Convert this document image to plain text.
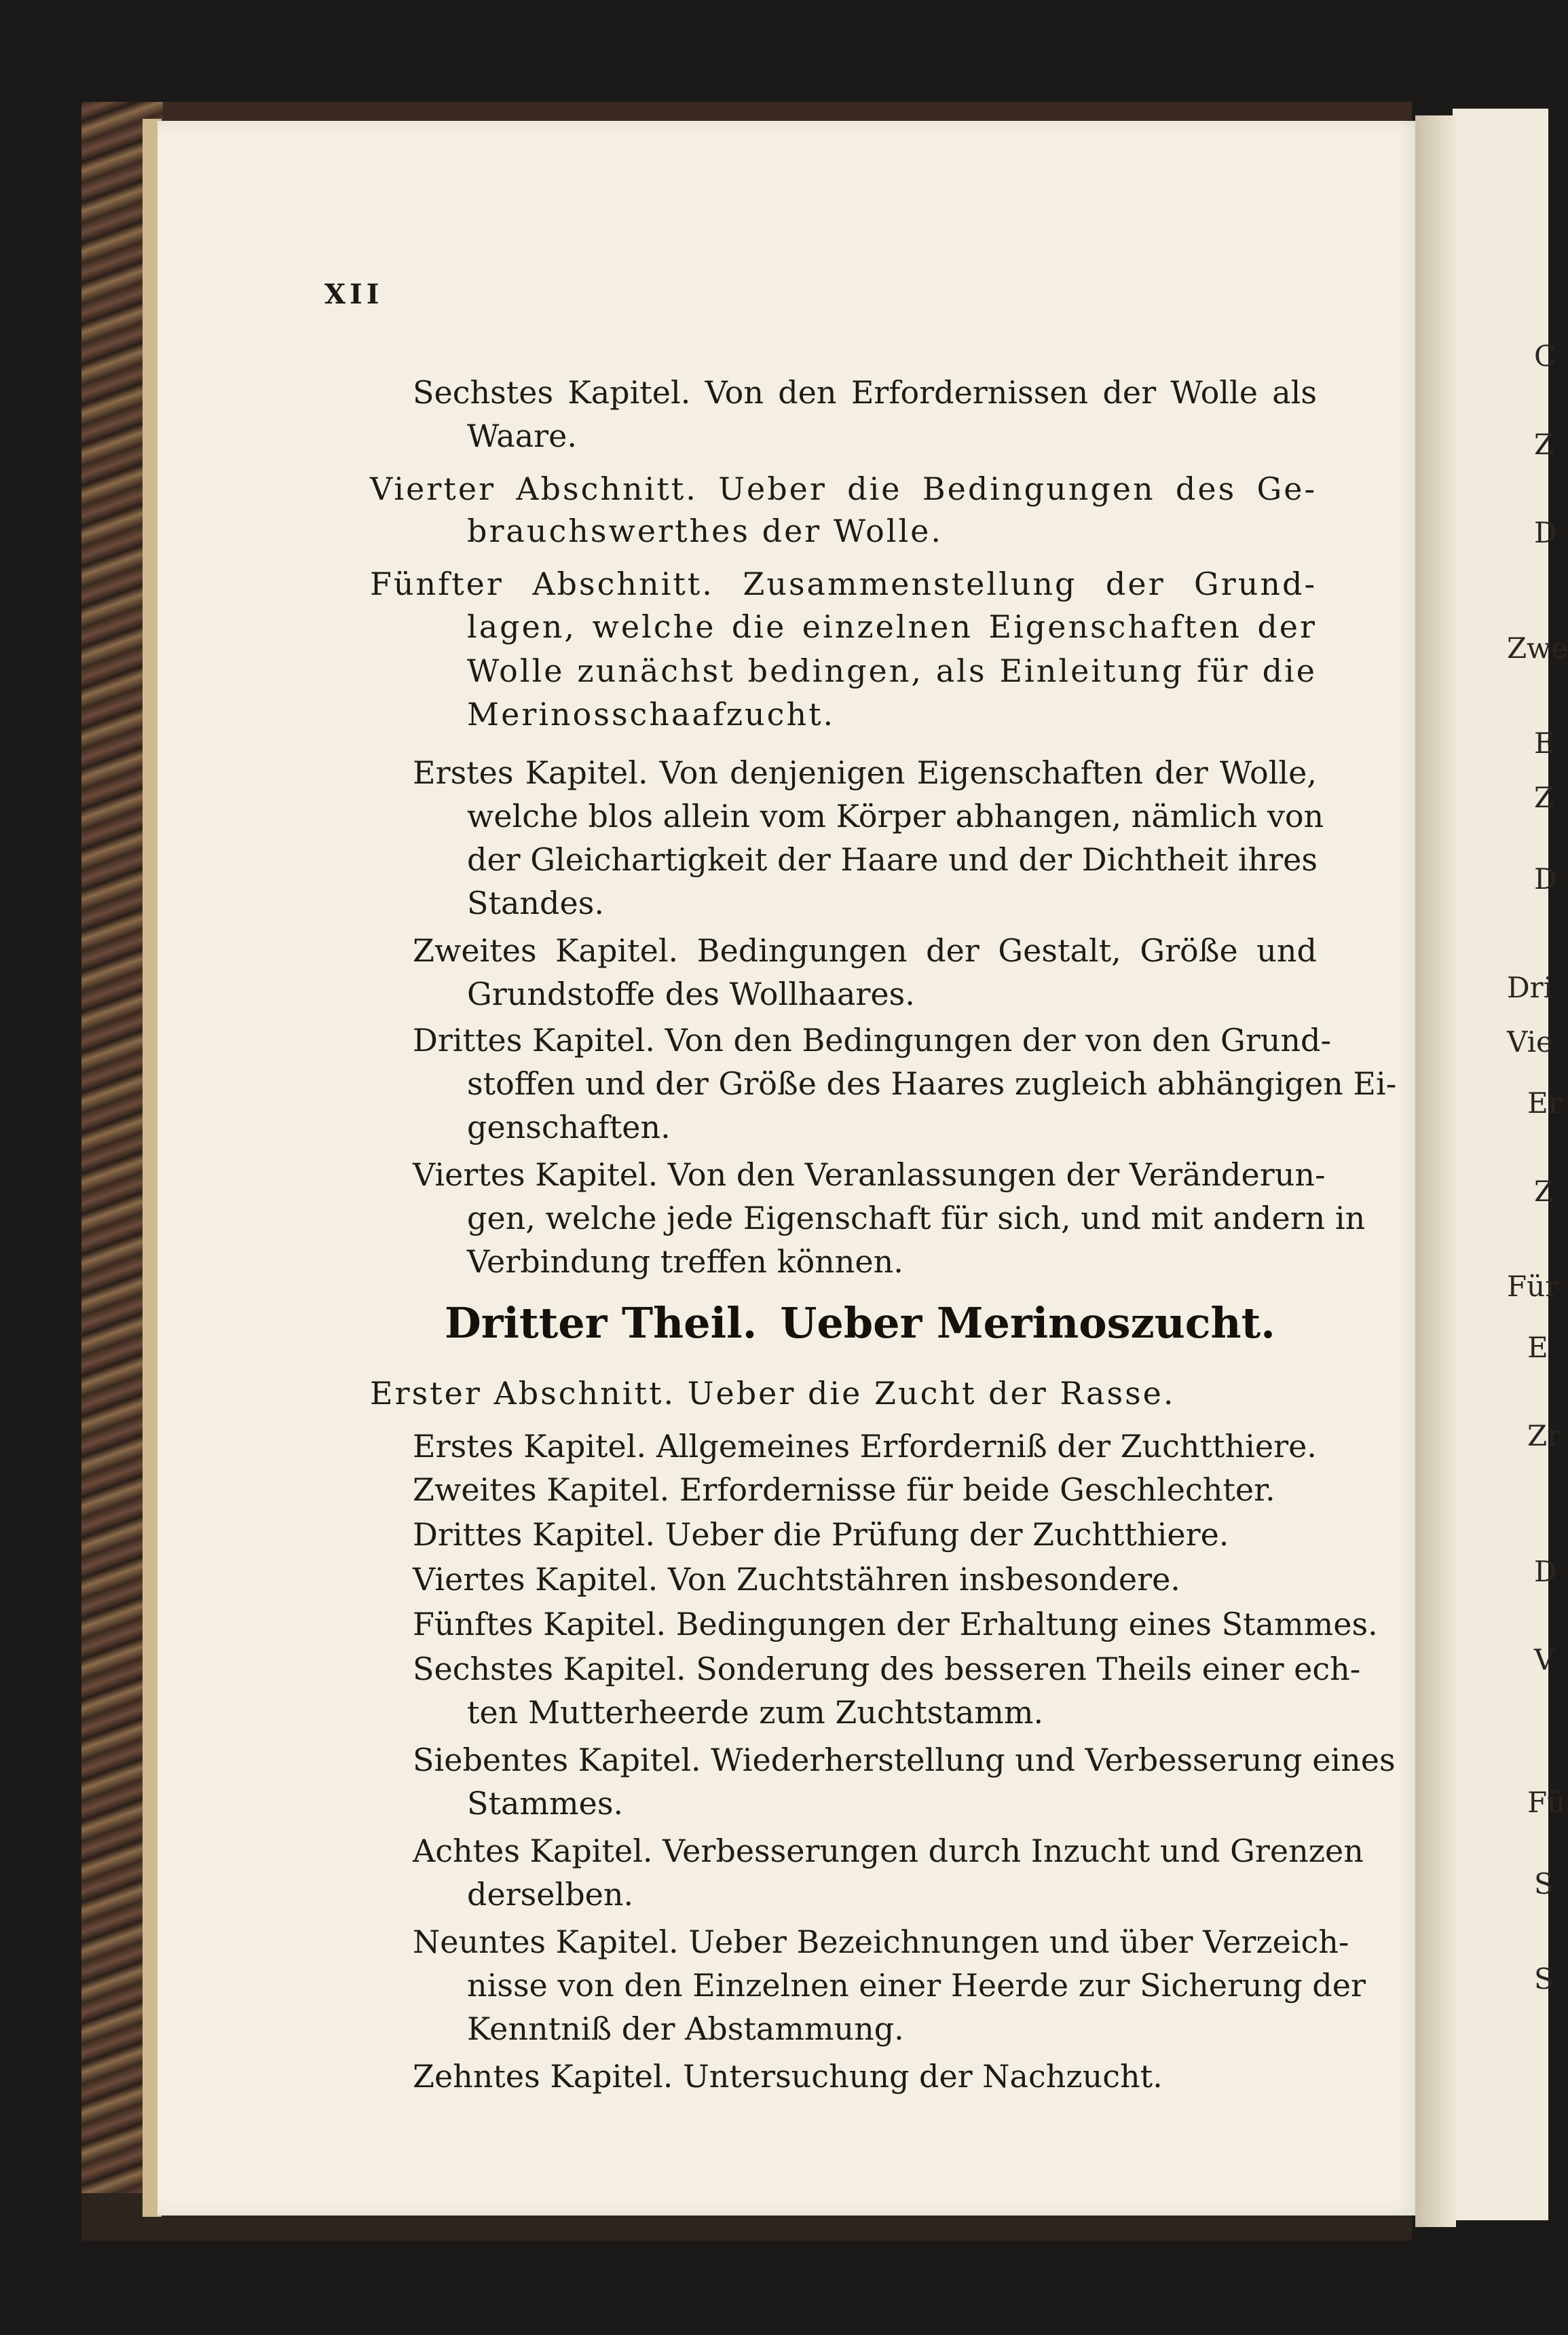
XII
Sechstes Kapitel. Von den Erfordernissen der Wolle als
Waare.
Vierter Abschnitt. Ueber die Bedingungen des Ge-
brauchswerthes der Wolle.
Fünfter Abschnitt. Zusammenstellung der Grund-
lagen, welche die einzelnen Eigenschaften der
Wolle zunächst bedingen, als Einleitung für die
Merinosschaafzucht.
Erstes Kapitel. Von denjenigen Eigenschaften der Wolle,
welche blos allein vom Körper abhangen, nämlich von
der Gleichartigkeit der Haare und der Dichtheit ihres
Standes.
Zweites Kapitel. Bedingungen der Gestalt, Größe und
Grundstoffe des Wollhaares.
Drittes Kapitel. Von den Bedingungen der von den Grund-
stoffen und der Größe des Haares zugleich abhängigen Ei-
genschaften.
Viertes Kapitel. Von den Veranlassungen der Veränderun-
gen, welche jede Eigenschaft für sich, und mit andern in
Verbindung treffen können.
Dritter Theil. Ueber Merinoszucht.
Erster Abschnitt. Ueber die Zucht der Rasse.
Erstes Kapitel. Allgemeines Erforderniß der Zuchtthiere.
Zweites Kapitel. Erfordernisse für beide Geschlechter.
Drittes Kapitel. Ueber die Prüfung der Zuchtthiere.
Viertes Kapitel. Von Zuchtstähren insbesondere.
Fünftes Kapitel. Bedingungen der Erhaltung eines Stammes.
Sechstes Kapitel. Sonderung des besseren Theils einer ech-
ten Mutterheerde zum Zuchtstamm.
Siebentes Kapitel. Wiederherstellung und Verbesserung eines
Stammes.
Achtes Kapitel. Verbesserungen durch Inzucht und Grenzen
derselben.
Neuntes Kapitel. Ueber Bezeichnungen und über Verzeich-
nisse von den Einzelnen einer Heerde zur Sicherung der
Kenntniß der Abstammung.
Zehntes Kapitel. Untersuchung der Nachzucht.
C
Z
D
Zwe
E
Z
D
Dri
Vie
Er
Z
Für
E
Zr
D
V
Fü
S
S
